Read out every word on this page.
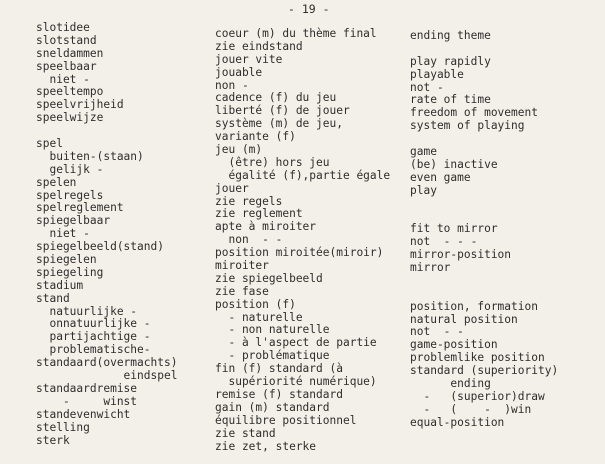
- 19 -
slotidee
slotstand
sneldammen
speelbaar
niet -
speeltempo
speelvrijheid
speelwijze
spel
buiten-(staan)
gelijk -
spelen
spelregels
spelreglement
spiegelbaar
niet -
spiegelbeeld(stand)
spiegelen
spiegeling
stadium
stand
natuurlijke -
onnatuurlijke -
partijachtige -
problematische-
standaard(overmachts)
eindspel
standaardremise
-     winst
standevenwicht
stelling
sterk
coeur (m) du thème final
zie eindstand
jouer vite
jouable
non -
cadence (f) du jeu
liberté (f) de jouer
système (m) de jeu,
variante (f)
jeu (m)
(être) hors jeu
égalité (f),partie égale
jouer
zie regels
zie reglement
apte à miroiter
non  - -
position miroitée(miroir)
miroiter
zie spiegelbeeld
zie fase
position (f)
- naturelle
- non naturelle
- à l'aspect de partie
- problématique
fin (f) standard (à
supériorité numérique)
remise (f) standard
gain (m) standard
équilibre positionnel
zie stand
zie zet, sterke
ending theme
play rapidly
playable
not -
rate of time
freedom of movement
system of playing
game
(be) inactive
even game
play
fit to mirror
not  - - -
mirror-position
mirror
position, formation
natural position
not  - -
game-position
problemlike position
standard (superiority)
ending
-   (superior)draw
-   (    -  )win
equal-position
